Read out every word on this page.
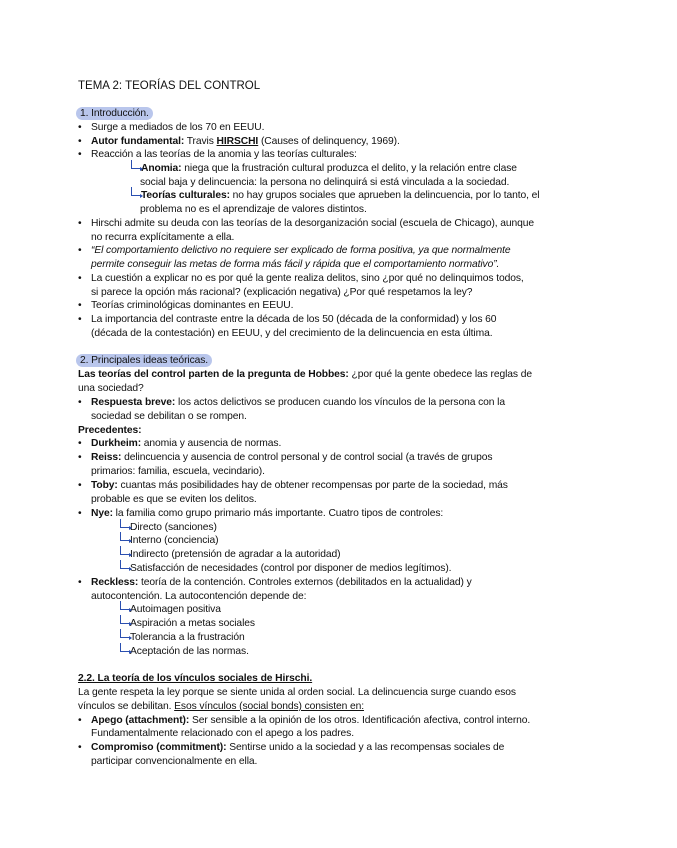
TEMA 2: TEORÍAS DEL CONTROL
1. Introducción.
• Surge a mediados de los 70 en EEUU.
• Autor fundamental: Travis HIRSCHI (Causes of delinquency, 1969).
• Reacción a las teorías de la anomia y las teorías culturales:
Anomia: niega que la frustración cultural produzca el delito, y la relación entre clase
social baja y delincuencia: la persona no delinquirá si está vinculada a la sociedad.
Teorías culturales: no hay grupos sociales que aprueben la delincuencia, por lo tanto, el
problema no es el aprendizaje de valores distintos.
• Hirschi admite su deuda con las teorías de la desorganización social (escuela de Chicago), aunque
no recurra explícitamente a ella.
• “El comportamiento delictivo no requiere ser explicado de forma positiva, ya que normalmente
permite conseguir las metas de forma más fácil y rápida que el comportamiento normativo”.
• La cuestión a explicar no es por qué la gente realiza delitos, sino ¿por qué no delinquimos todos,
si parece la opción más racional? (explicación negativa) ¿Por qué respetamos la ley?
• Teorías criminológicas dominantes en EEUU.
• La importancia del contraste entre la década de los 50 (década de la conformidad) y los 60
(década de la contestación) en EEUU, y del crecimiento de la delincuencia en esta última.
2. Principales ideas teóricas.
Las teorías del control parten de la pregunta de Hobbes: ¿por qué la gente obedece las reglas de
una sociedad?
• Respuesta breve: los actos delictivos se producen cuando los vínculos de la persona con la
sociedad se debilitan o se rompen.
Precedentes:
• Durkheim: anomia y ausencia de normas.
• Reiss: delincuencia y ausencia de control personal y de control social (a través de grupos
primarios: familia, escuela, vecindario).
• Toby: cuantas más posibilidades hay de obtener recompensas por parte de la sociedad, más
probable es que se eviten los delitos.
• Nye: la familia como grupo primario más importante. Cuatro tipos de controles:
Directo (sanciones)
Interno (conciencia)
Indirecto (pretensión de agradar a la autoridad)
Satisfacción de necesidades (control por disponer de medios legítimos).
• Reckless: teoría de la contención. Controles externos (debilitados en la actualidad) y
autocontención. La autocontención depende de:
Autoimagen positiva
Aspiración a metas sociales
Tolerancia a la frustración
Aceptación de las normas.
2.2. La teoría de los vínculos sociales de Hirschi.
La gente respeta la ley porque se siente unida al orden social. La delincuencia surge cuando esos
vínculos se debilitan. Esos vínculos (social bonds) consisten en:
• Apego (attachment): Ser sensible a la opinión de los otros. Identificación afectiva, control interno.
Fundamentalmente relacionado con el apego a los padres.
• Compromiso (commitment): Sentirse unido a la sociedad y a las recompensas sociales de
participar convencionalmente en ella.
